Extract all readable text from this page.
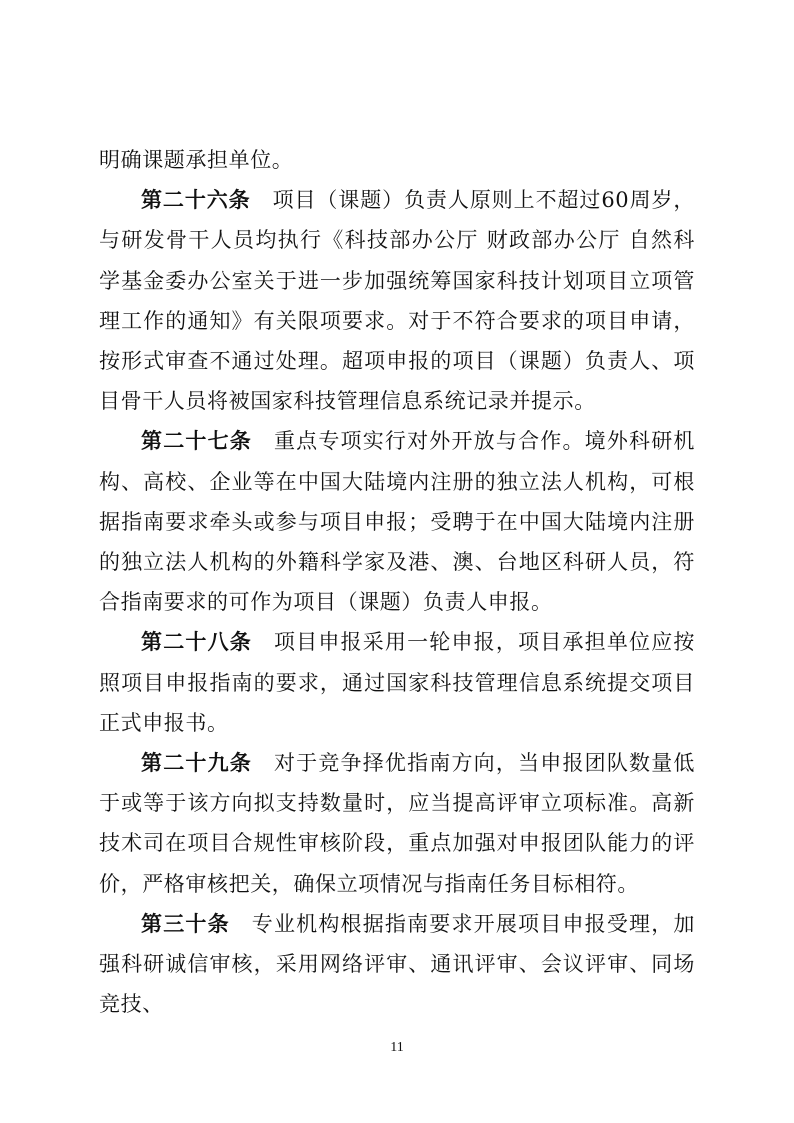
明确课题承担单位。

第二十六条 项目（课题）负责人原则上不超过60周岁，与研发骨干人员均执行《科技部办公厅 财政部办公厅 自然科学基金委办公室关于进一步加强统筹国家科技计划项目立项管理工作的通知》有关限项要求。对于不符合要求的项目申请，按形式审查不通过处理。超项申报的项目（课题）负责人、项目骨干人员将被国家科技管理信息系统记录并提示。

第二十七条 重点专项实行对外开放与合作。境外科研机构、高校、企业等在中国大陆境内注册的独立法人机构，可根据指南要求牵头或参与项目申报；受聘于在中国大陆境内注册的独立法人机构的外籍科学家及港、澳、台地区科研人员，符合指南要求的可作为项目（课题）负责人申报。

第二十八条 项目申报采用一轮申报，项目承担单位应按照项目申报指南的要求，通过国家科技管理信息系统提交项目正式申报书。

第二十九条 对于竞争择优指南方向，当申报团队数量低于或等于该方向拟支持数量时，应当提高评审立项标准。高新技术司在项目合规性审核阶段，重点加强对申报团队能力的评价，严格审核把关，确保立项情况与指南任务目标相符。

第三十条 专业机构根据指南要求开展项目申报受理，加强科研诚信审核，采用网络评审、通讯评审、会议评审、同场竞技、

11
